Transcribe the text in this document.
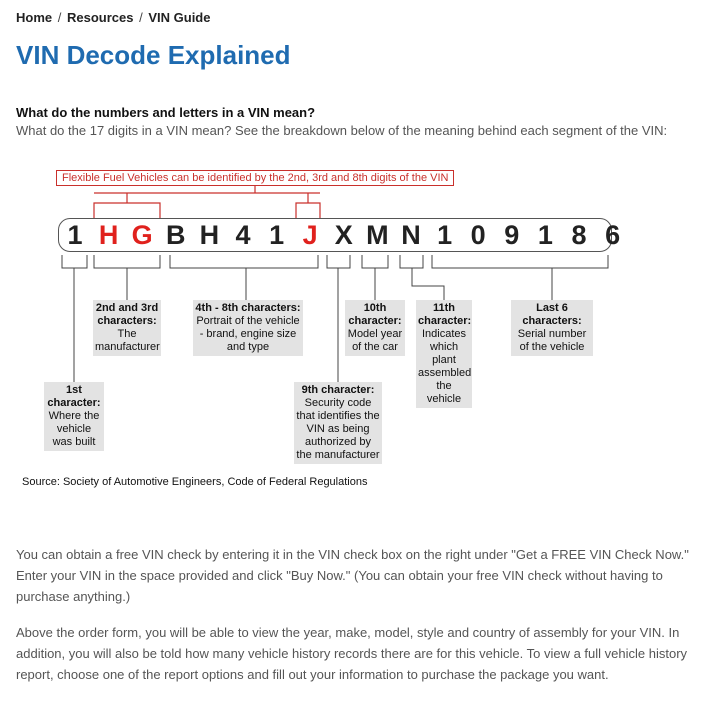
Home / Resources / VIN Guide
VIN Decode Explained
What do the numbers and letters in a VIN mean?
What do the 17 digits in a VIN mean? See the breakdown below of the meaning behind each segment of the VIN:
Flexible Fuel Vehicles can be identified by the 2nd, 3rd and 8th digits of the VIN
1 H G B H 4 1 J X M N 1 0 9 1 8 6
1st character:
Where the vehicle was built
2nd and 3rd characters:
The manufacturer
4th - 8th characters:
Portrait of the vehicle - brand, engine size and type
9th character:
Security code that identifies the VIN as being authorized by the manufacturer
10th character:
Model year of the car
11th character:
Indicates which plant assembled the vehicle
Last 6 characters:
Serial number of the vehicle
Source: Society of Automotive Engineers, Code of Federal Regulations

You can obtain a free VIN check by entering it in the VIN check box on the right under "Get a FREE VIN Check Now." Enter your VIN in the space provided and click "Buy Now." (You can obtain your free VIN check without having to purchase anything.)

Above the order form, you will be able to view the year, make, model, style and country of assembly for your VIN. In addition, you will also be told how many vehicle history records there are for this vehicle. To view a full vehicle history report, choose one of the report options and fill out your information to purchase the package you want.
